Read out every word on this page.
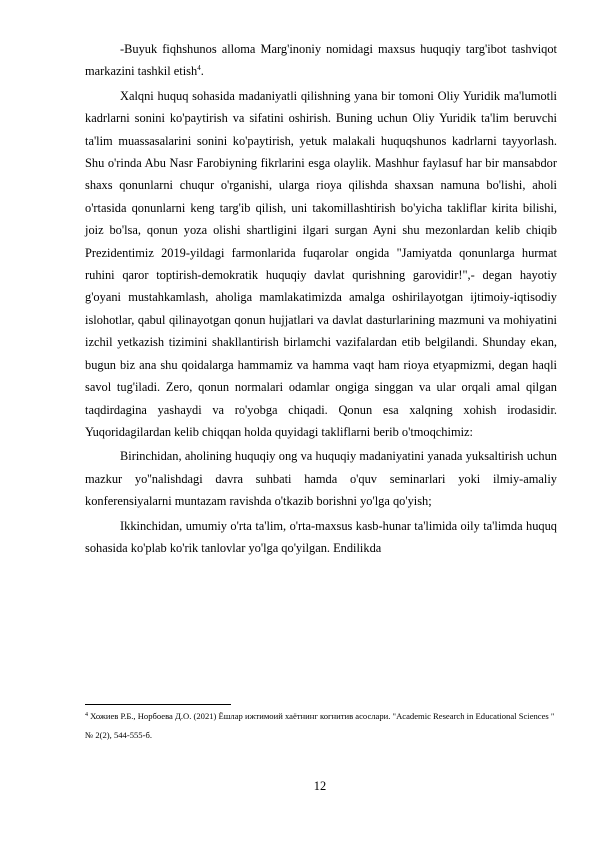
-Buyuk fiqhshunos alloma Marg'inoniy nomidagi maxsus huquqiy targ'ibot tashviqot markazini tashkil etish$^4$.

Xalqni huquq sohasida madaniyatli qilishning yana bir tomoni Oliy Yuridik ma'lumotli kadrlarni sonini ko'paytirish va sifatini oshirish. Buning uchun Oliy Yuridik ta'lim beruvchi ta'lim muassasalarini sonini ko'paytirish, yetuk malakali huquqshunos kadrlarni tayyorlash. Shu o'rinda Abu Nasr Farobiyning fikrlarini esga olaylik. Mashhur faylasuf har bir mansabdor shaxs qonunlarni chuqur o'rganishi, ularga rioya qilishda shaxsan namuna bo'lishi, aholi o'rtasida qonunlarni keng targ'ib qilish, uni takomillashtirish bo'yicha takliflar kirita bilishi, joiz bo'lsa, qonun yoza olishi shartligini ilgari surgan Ayni shu mezonlardan kelib chiqib Prezidentimiz 2019-yildagi farmonlarida fuqarolar ongida "Jamiyatda qonunlarga hurmat ruhini qaror toptirish-demokratik huquqiy davlat qurishning garovidir!",- degan hayotiy g'oyani mustahkamlash, aholiga mamlakatimizda amalga oshirilayotgan ijtimoiy-iqtisodiy islohotlar, qabul qilinayotgan qonun hujjatlari va davlat dasturlarining mazmuni va mohiyatini izchil yetkazish tizimini shakllantirish birlamchi vazifalardan etib belgilandi. Shunday ekan, bugun biz ana shu qoidalarga hammamiz va hamma vaqt ham rioya etyapmizmi, degan haqli savol tug'iladi. Zero, qonun normalari odamlar ongiga singgan va ular orqali amal qilgan taqdirdagina yashaydi va ro'yobga chiqadi. Qonun esa xalqning xohish irodasidir. Yuqoridagilardan kelib chiqqan holda quyidagi takliflarni berib o'tmoqchimiz:

Birinchidan, aholining huquqiy ong va huquqiy madaniyatini yanada yuksaltirish uchun mazkur yo''nalishdagi davra suhbati hamda o'quv seminarlari yoki ilmiy-amaliy konferensiyalarni muntazam ravishda o'tkazib borishni yo'lga qo'yish;

Ikkinchidan, umumiy o'rta ta'lim, o'rta-maxsus kasb-hunar ta'limida oily ta'limda huquq sohasida ko'plab ko'rik tanlovlar yo'lga qo'yilgan. Endilikda

$^4$ Хожиев Р.Б., Норбоева Д.О. (2021) Ёшлар ижтимоий хаётнинг когнитив асослари. "Academic Research in Educational Sciences " № 2(2), 544-555-б.

12
